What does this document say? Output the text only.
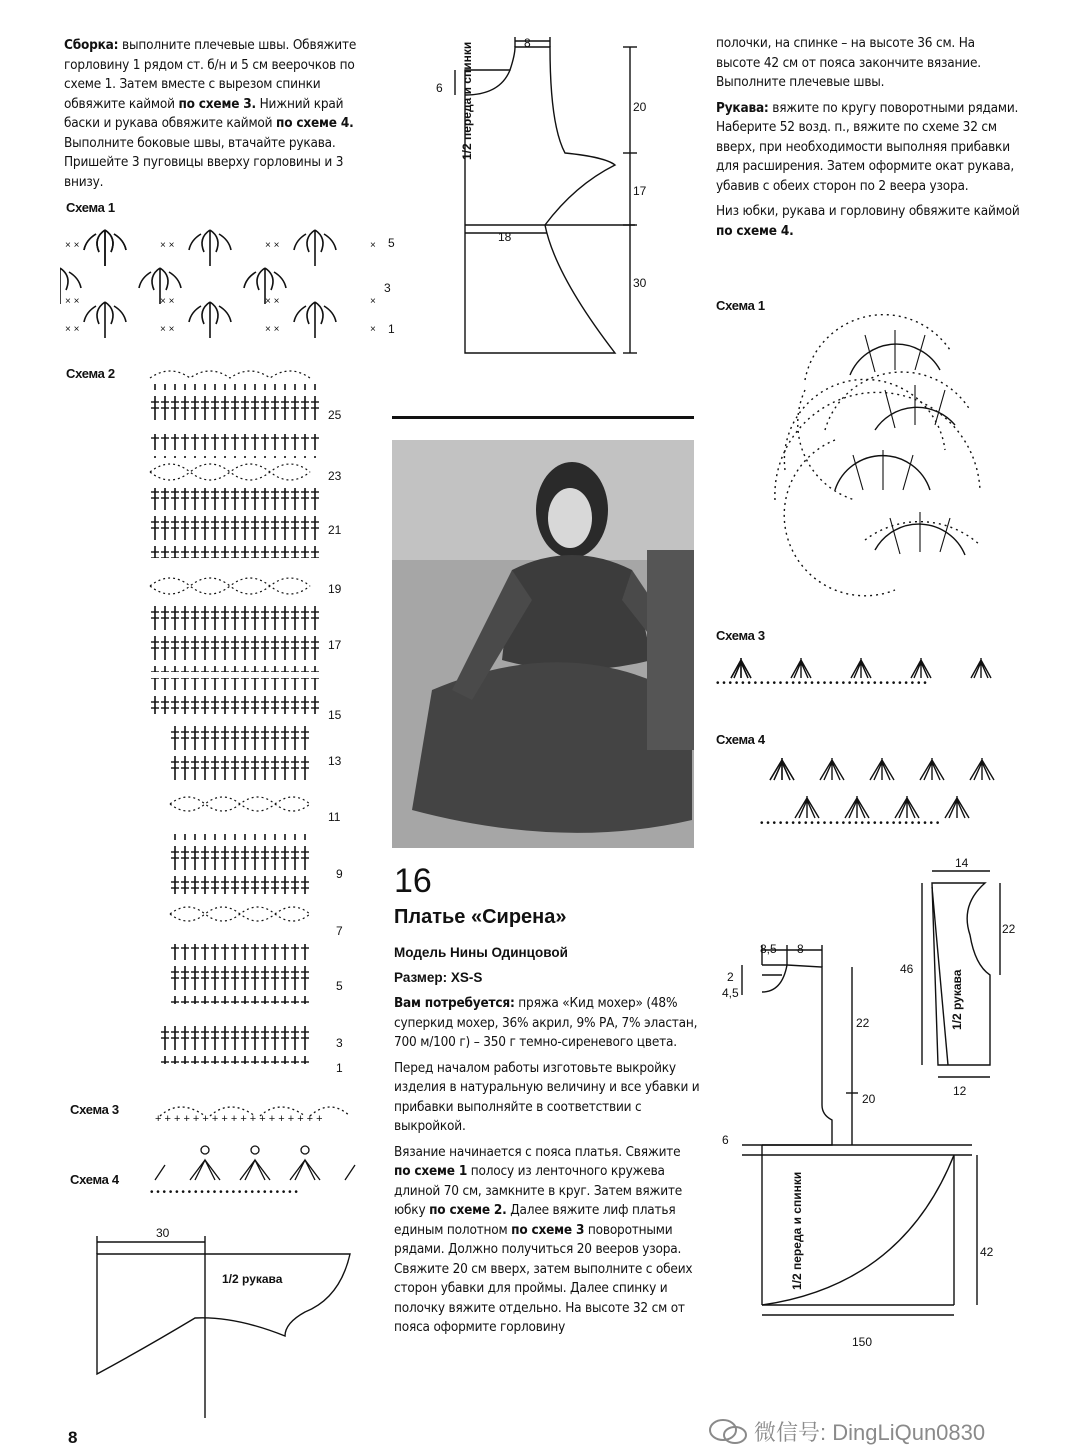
Сборка: выполните плечевые швы. Обвяжите горловину 1 рядом ст. б/н и 5 см веерочков по схеме 1. Затем вместе с вырезом спинки обвяжите каймой по схеме 3. Нижний край баски и рукава обвяжите каймой по схеме 4. Выполните боковые швы, втачайте рукава. Пришейте 3 пуговицы вверху горловины и 3 внизу.
Схема 1
× ×	× ×	× ×	×
× ×	× ×	× ×	×
× ×	× ×	× ×	×
5
3
1
Схема 2
25
23
21
19
17
15
13
11
9
7
5
3
1
Схема 3
+ + + + + + + + + + + + + + + + + +
Схема 4
• • • • • • • • • • • • • • • • • • • • • • • •
8
6
20
17
18
30
1/2 переда и спинки
30
1/2 рукава
8
16
Платье «Сирена»
Модель Нины Одинцовой
Размер: XS-S
Вам потребуется: пряжа «Кид мохер» (48% суперкид мохер, 36% акрил, 9% РА, 7% эластан, 700 м/100 г) – 350 г темно-сиреневого цвета.
Перед началом работы изготовьте выкройку изделия в натуральную величину и все убавки и прибавки выполняйте в соответствии с выкройкой.
Вязание начинается с пояса платья. Свяжите по схеме 1 полосу из ленточного кружева длиной 70 см, замкните в круг. Затем вяжите юбку по схеме 2. Далее вяжите лиф платья единым полотном по схеме 3 поворотными рядами. Должно получиться 20 вееров узора. Свяжите 20 см вверх, затем выполните с обеих сторон убавки для проймы. Далее спинку и полочку вяжите отдельно. На высоте 32 см от пояса оформите горловину
полочки, на спинке – на высоте 36 см. На высоте 42 см от пояса закончите вязание. Выполните плечевые швы.
Рукава: вяжите по кругу поворотными рядами. Наберите 52 возд. п., вяжите по схеме 32 см вверх, при необходимости выполняя прибавки для расширения. Затем оформите окат рукава, убавив с обеих сторон по 2 веера узора.
Низ юбки, рукава и горловину обвяжите каймой по схеме 4.
Схема 1
Схема 3
• • • • • • • • • • • • • • • • • • • • • • • • • • • • • • • • • •
Схема 4
• • • • • • • • • • • • • • • • • • • • • • • • • • • • •
8,5 8
2
4,5
22
20
6
42
150
1/2 переда и спинки
14
22
46
12
1/2 рукава
微信号: DingLiQun0830
